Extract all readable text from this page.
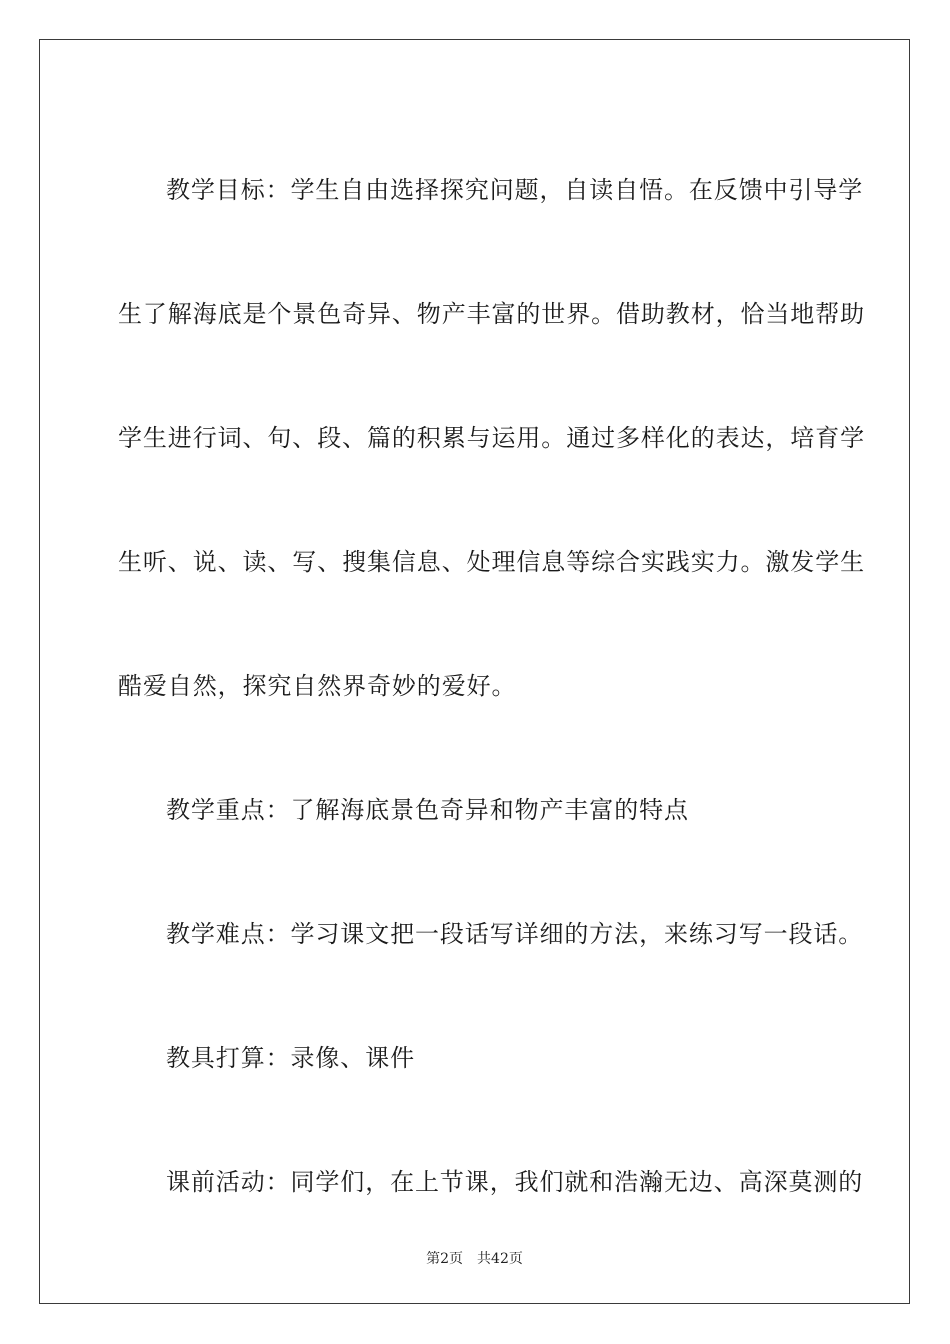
教学目标：学生自由选择探究问题，自读自悟。在反馈中引导学
生了解海底是个景色奇异、物产丰富的世界。借助教材，恰当地帮助
学生进行词、句、段、篇的积累与运用。通过多样化的表达，培育学
生听、说、读、写、搜集信息、处理信息等综合实践实力。激发学生
酷爱自然，探究自然界奇妙的爱好。
教学重点：了解海底景色奇异和物产丰富的特点
教学难点：学习课文把一段话写详细的方法，来练习写一段话。
教具打算：录像、课件
课前活动：同学们，在上节课，我们就和浩瀚无边、高深莫测的
第2页 共42页
